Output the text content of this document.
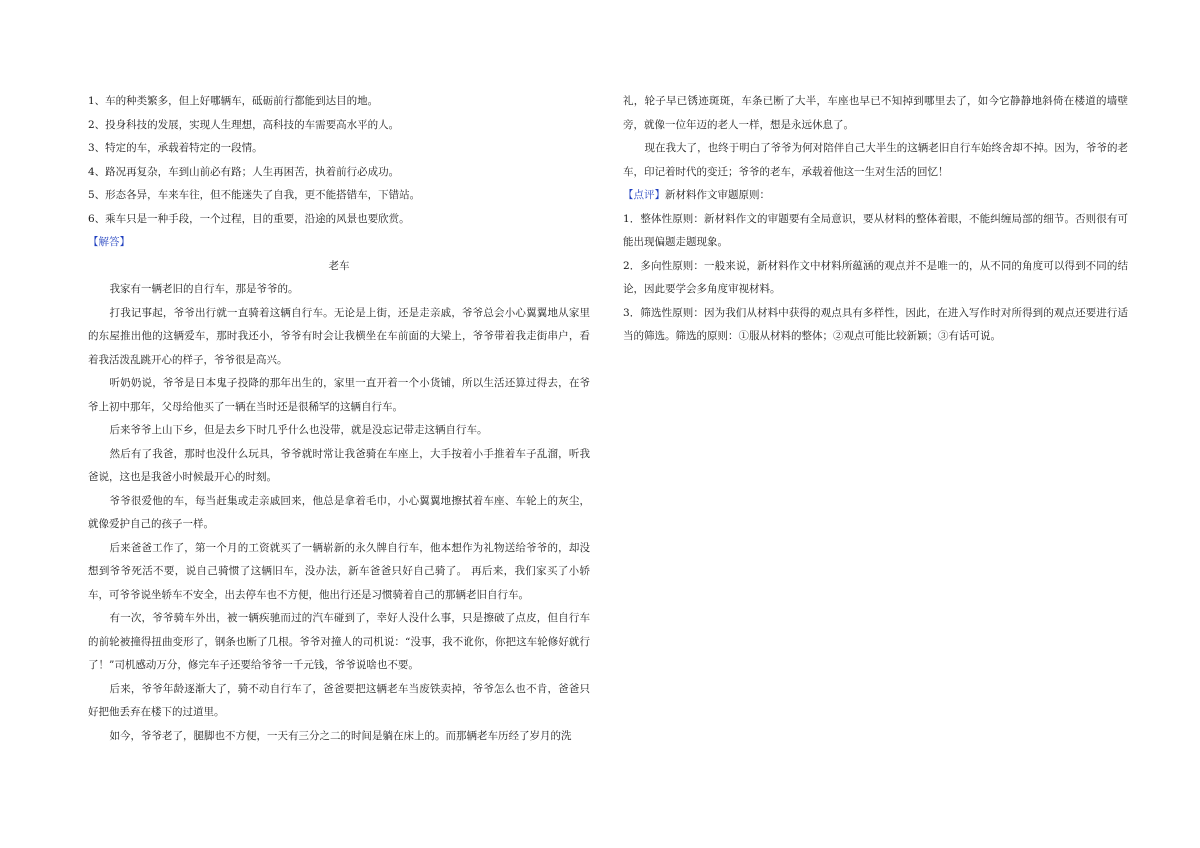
1、车的种类繁多，但上好哪辆车，砥砺前行都能到达目的地。

2、投身科技的发展，实现人生理想，高科技的车需要高水平的人。

3、特定的车，承载着特定的一段情。

4、路况再复杂，车到山前必有路；人生再困苦，执着前行必成功。

5、形态各异，车来车往，但不能迷失了自我，更不能搭错车，下错站。

6、乘车只是一种手段，一个过程，目的重要，沿途的风景也要欣赏。

【解答】

老车

我家有一辆老旧的自行车，那是爷爷的。

打我记事起，爷爷出行就一直骑着这辆自行车。无论是上街，还是走亲戚，爷爷总会小心翼翼地从家里的东屋推出他的这辆爱车，那时我还小，爷爷有时会让我横坐在车前面的大梁上，爷爷带着我走街串户，看着我活泼乱跳开心的样子，爷爷很是高兴。

听奶奶说，爷爷是日本鬼子投降的那年出生的，家里一直开着一个小货铺，所以生活还算过得去，在爷爷上初中那年，父母给他买了一辆在当时还是很稀罕的这辆自行车。

后来爷爷上山下乡，但是去乡下时几乎什么也没带，就是没忘记带走这辆自行车。

然后有了我爸，那时也没什么玩具，爷爷就时常让我爸骑在车座上，大手按着小手推着车子乱溜，听我爸说，这也是我爸小时候最开心的时刻。

爷爷很爱他的车，每当赶集或走亲戚回来，他总是拿着毛巾，小心翼翼地擦拭着车座、车轮上的灰尘，就像爱护自己的孩子一样。

后来爸爸工作了，第一个月的工资就买了一辆崭新的永久牌自行车，他本想作为礼物送给爷爷的，却没想到爷爷死活不要，说自己骑惯了这辆旧车，没办法，新车爸爸只好自己骑了。 再后来，我们家买了小轿车，可爷爷说坐轿车不安全，出去停车也不方便，他出行还是习惯骑着自己的那辆老旧自行车。

有一次，爷爷骑车外出，被一辆疾驰而过的汽车碰到了，幸好人没什么事，只是擦破了点皮，但自行车的前轮被撞得扭曲变形了，钢条也断了几根。爷爷对撞人的司机说：“没事，我不讹你，你把这车轮修好就行了！”司机感动万分，修完车子还要给爷爷一千元钱，爷爷说啥也不要。

后来，爷爷年龄逐渐大了，骑不动自行车了，爸爸要把这辆老车当废铁卖掉，爷爷怎么也不肯，爸爸只好把他丢弃在楼下的过道里。

如今，爷爷老了，腿脚也不方便，一天有三分之二的时间是躺在床上的。而那辆老车历经了岁月的洗

礼，轮子早已锈迹斑斑，车条已断了大半，车座也早已不知掉到哪里去了，如今它静静地斜倚在楼道的墙壁旁，就像一位年迈的老人一样，想是永远休息了。

现在我大了，也终于明白了爷爷为何对陪伴自己大半生的这辆老旧自行车始终舍却不掉。因为，爷爷的老车，印记着时代的变迁；爷爷的老车，承载着他这一生对生活的回忆！

【点评】新材料作文审题原则：

1．整体性原则：新材料作文的审题要有全局意识，要从材料的整体着眼，不能纠缠局部的细节。否则很有可能出现偏题走题现象。

2．多向性原则：一般来说，新材料作文中材料所蕴涵的观点并不是唯一的，从不同的角度可以得到不同的结论，因此要学会多角度审视材料。

3．筛选性原则：因为我们从材料中获得的观点具有多样性，因此，在进入写作时对所得到的观点还要进行适当的筛选。筛选的原则：①服从材料的整体；②观点可能比较新颖；③有话可说。
